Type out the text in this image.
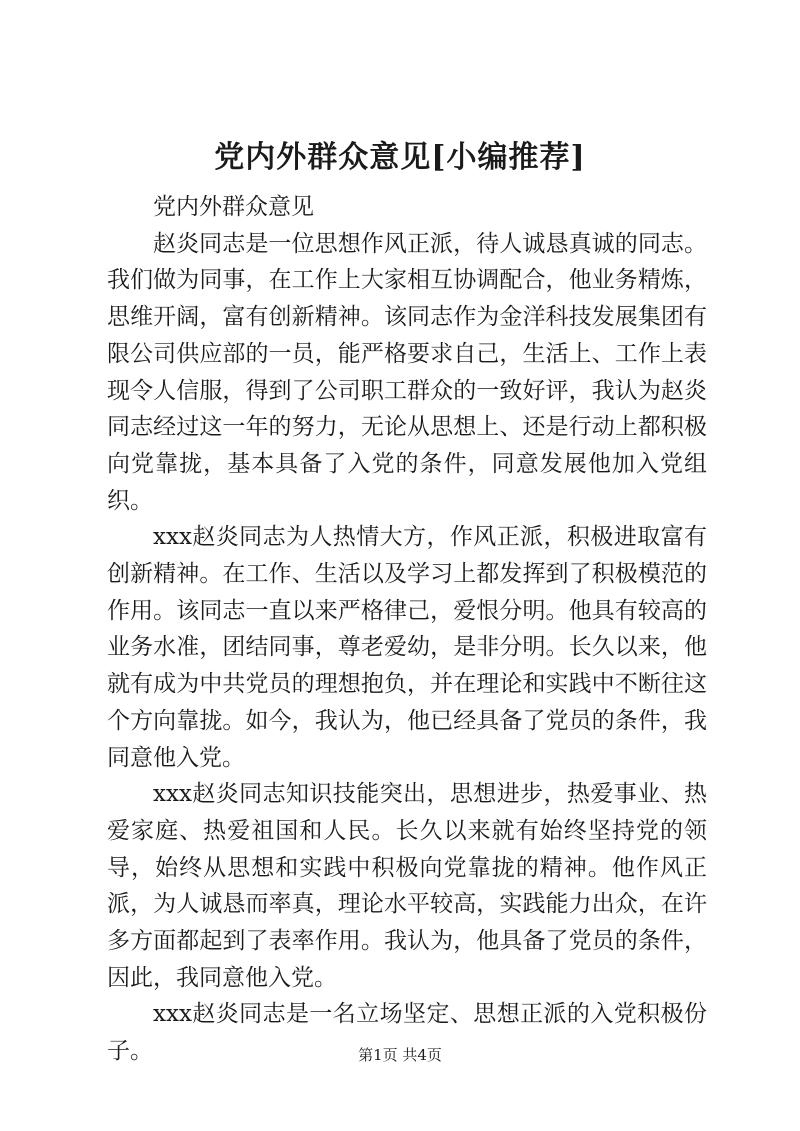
党内外群众意见[小编推荐]

党内外群众意见

赵炎同志是一位思想作风正派，待人诚恳真诚的同志。我们做为同事，在工作上大家相互协调配合，他业务精炼，思维开阔，富有创新精神。该同志作为金洋科技发展集团有限公司供应部的一员，能严格要求自己，生活上、工作上表现令人信服，得到了公司职工群众的一致好评，我认为赵炎同志经过这一年的努力，无论从思想上、还是行动上都积极向党靠拢，基本具备了入党的条件，同意发展他加入党组织。

xxx赵炎同志为人热情大方，作风正派，积极进取富有创新精神。在工作、生活以及学习上都发挥到了积极模范的作用。该同志一直以来严格律己，爱恨分明。他具有较高的业务水准，团结同事，尊老爱幼，是非分明。长久以来，他就有成为中共党员的理想抱负，并在理论和实践中不断往这个方向靠拢。如今，我认为，他已经具备了党员的条件，我同意他入党。

xxx赵炎同志知识技能突出，思想进步，热爱事业、热爱家庭、热爱祖国和人民。长久以来就有始终坚持党的领导，始终从思想和实践中积极向党靠拢的精神。他作风正派，为人诚恳而率真，理论水平较高，实践能力出众，在许多方面都起到了表率作用。我认为，他具备了党员的条件，因此，我同意他入党。

xxx赵炎同志是一名立场坚定、思想正派的入党积极份子。	第1页 共4页
